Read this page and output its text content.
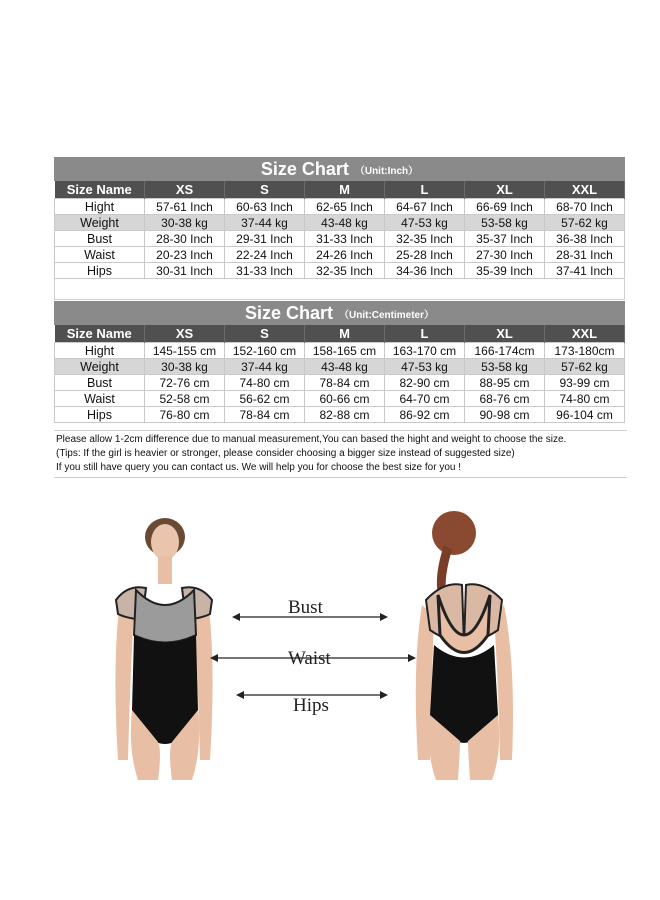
Size Chart （Unit:Inch）
Size Name	XS	S	M	L	XL	XXL
Hight	57-61 Inch	60-63 Inch	62-65 Inch	64-67 Inch	66-69 Inch	68-70 Inch
Weight	30-38 kg	37-44 kg	43-48 kg	47-53 kg	53-58 kg	57-62 kg
Bust	28-30 Inch	29-31 Inch	31-33 Inch	32-35 Inch	35-37 Inch	36-38 Inch
Waist	20-23 Inch	22-24 Inch	24-26 Inch	25-28 Inch	27-30 Inch	28-31 Inch
Hips	30-31 Inch	31-33 Inch	32-35 Inch	34-36 Inch	35-39 Inch	37-41 Inch
Size Chart （Unit:Centimeter）
Size Name	XS	S	M	L	XL	XXL
Hight	145-155 cm	152-160 cm	158-165 cm	163-170 cm	166-174cm	173-180cm
Weight	30-38 kg	37-44 kg	43-48 kg	47-53 kg	53-58 kg	57-62 kg
Bust	72-76 cm	74-80 cm	78-84 cm	82-90 cm	88-95 cm	93-99 cm
Waist	52-58 cm	56-62 cm	60-66 cm	64-70 cm	68-76 cm	74-80 cm
Hips	76-80 cm	78-84 cm	82-88 cm	86-92 cm	90-98 cm	96-104 cm
Please allow 1-2cm difference due to manual measurement,You can based the hight and weight to choose the size.
(Tips: If the girl is heavier or stronger, please consider choosing a bigger size instead of suggested size)
If you still have query you can contact us. We will help you for choose the best size for you !
Bust
Waist
Hips
